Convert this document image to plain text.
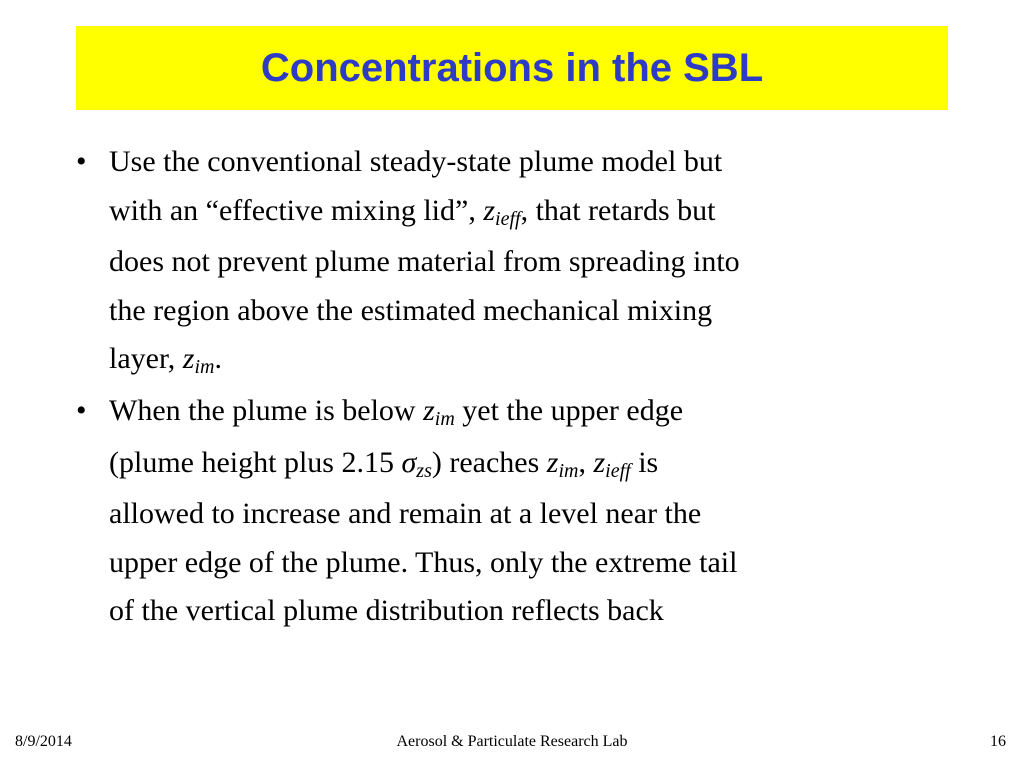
Concentrations in the SBL
• Use the conventional steady-state plume model but
with an “effective mixing lid”, zieff, that retards but
does not prevent plume material from spreading into
the region above the estimated mechanical mixing
layer, zim.
• When the plume is below zim yet the upper edge
(plume height plus 2.15 σzs) reaches zim, zieff is
allowed to increase and remain at a level near the
upper edge of the plume. Thus, only the extreme tail
of the vertical plume distribution reflects back
8/9/2014	Aerosol & Particulate Research Lab	16
